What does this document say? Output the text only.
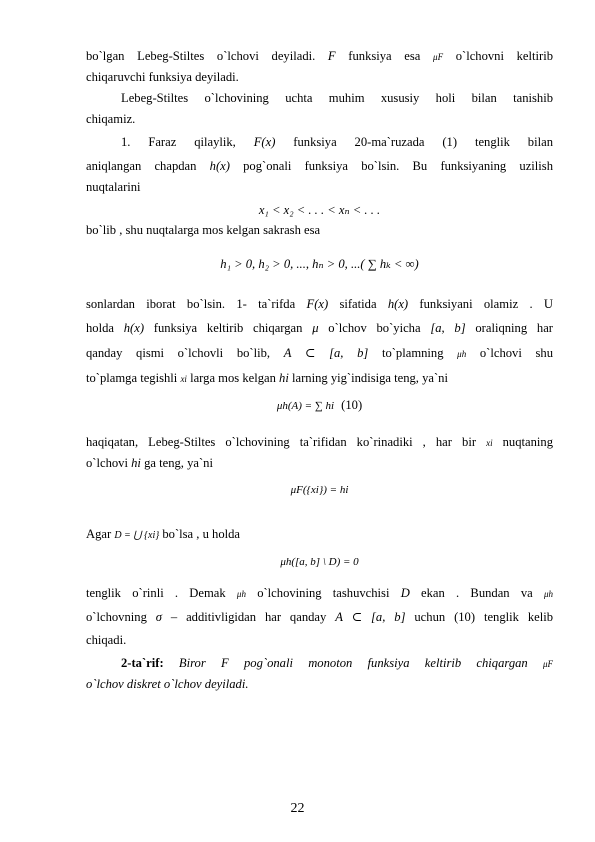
bo`lgan Lebeg-Stiltes o`lchovi deyiladi. F funksiya esa μF o`lchovni keltirib

chiqaruvchi funksiya deyiladi.

Lebeg-Stiltes o`lchovining uchta muhim xususiy holi bilan tanishib

chiqamiz.

1. Faraz qilaylik, F(x) funksiya 20-ma`ruzada (1) tenglik bilan

aniqlangan chapdan h(x) pog`onali funksiya bo`lsin. Bu funksiyaning uzilish

nuqtalarini

x₁ < x₂ < . . . < xₙ < . . .

bo`lib , shu nuqtalarga mos kelgan sakrash esa

h₁ > 0, h₂ > 0, ..., hₙ > 0, ...( ∑ hₖ < ∞)

sonlardan iborat bo`lsin. 1- ta`rifda F(x) sifatida h(x) funksiyani olamiz . U

holda h(x) funksiya keltirib chiqargan μ o`lchov bo`yicha [a, b] oraliqning har

qanday qismi o`lchovli bo`lib, A ⊂ [a, b] to`plamning μh o`lchovi shu

to`plamga tegishli xi larga mos kelgan hi larning yig`indisiga teng, ya`ni

μh(A) = ∑ hi (10)

haqiqatan, Lebeg-Stiltes o`lchovining ta`rifidan ko`rinadiki , har bir xi nuqtaning

o`lchovi hi ga teng, ya`ni

μF({xi}) = hi

Agar D = ⋃ {xi} bo`lsa , u holda

μh([a, b] \ D) = 0

tenglik o`rinli . Demak μh o`lchovining tashuvchisi D ekan . Bundan va μh

o`lchovning σ – additivligidan har qanday A ⊂ [a, b] uchun (10) tenglik kelib

chiqadi.

2-ta`rif: Biror F pog`onali monoton funksiya keltirib chiqargan μF

o`lchov diskret o`lchov deyiladi.

22
